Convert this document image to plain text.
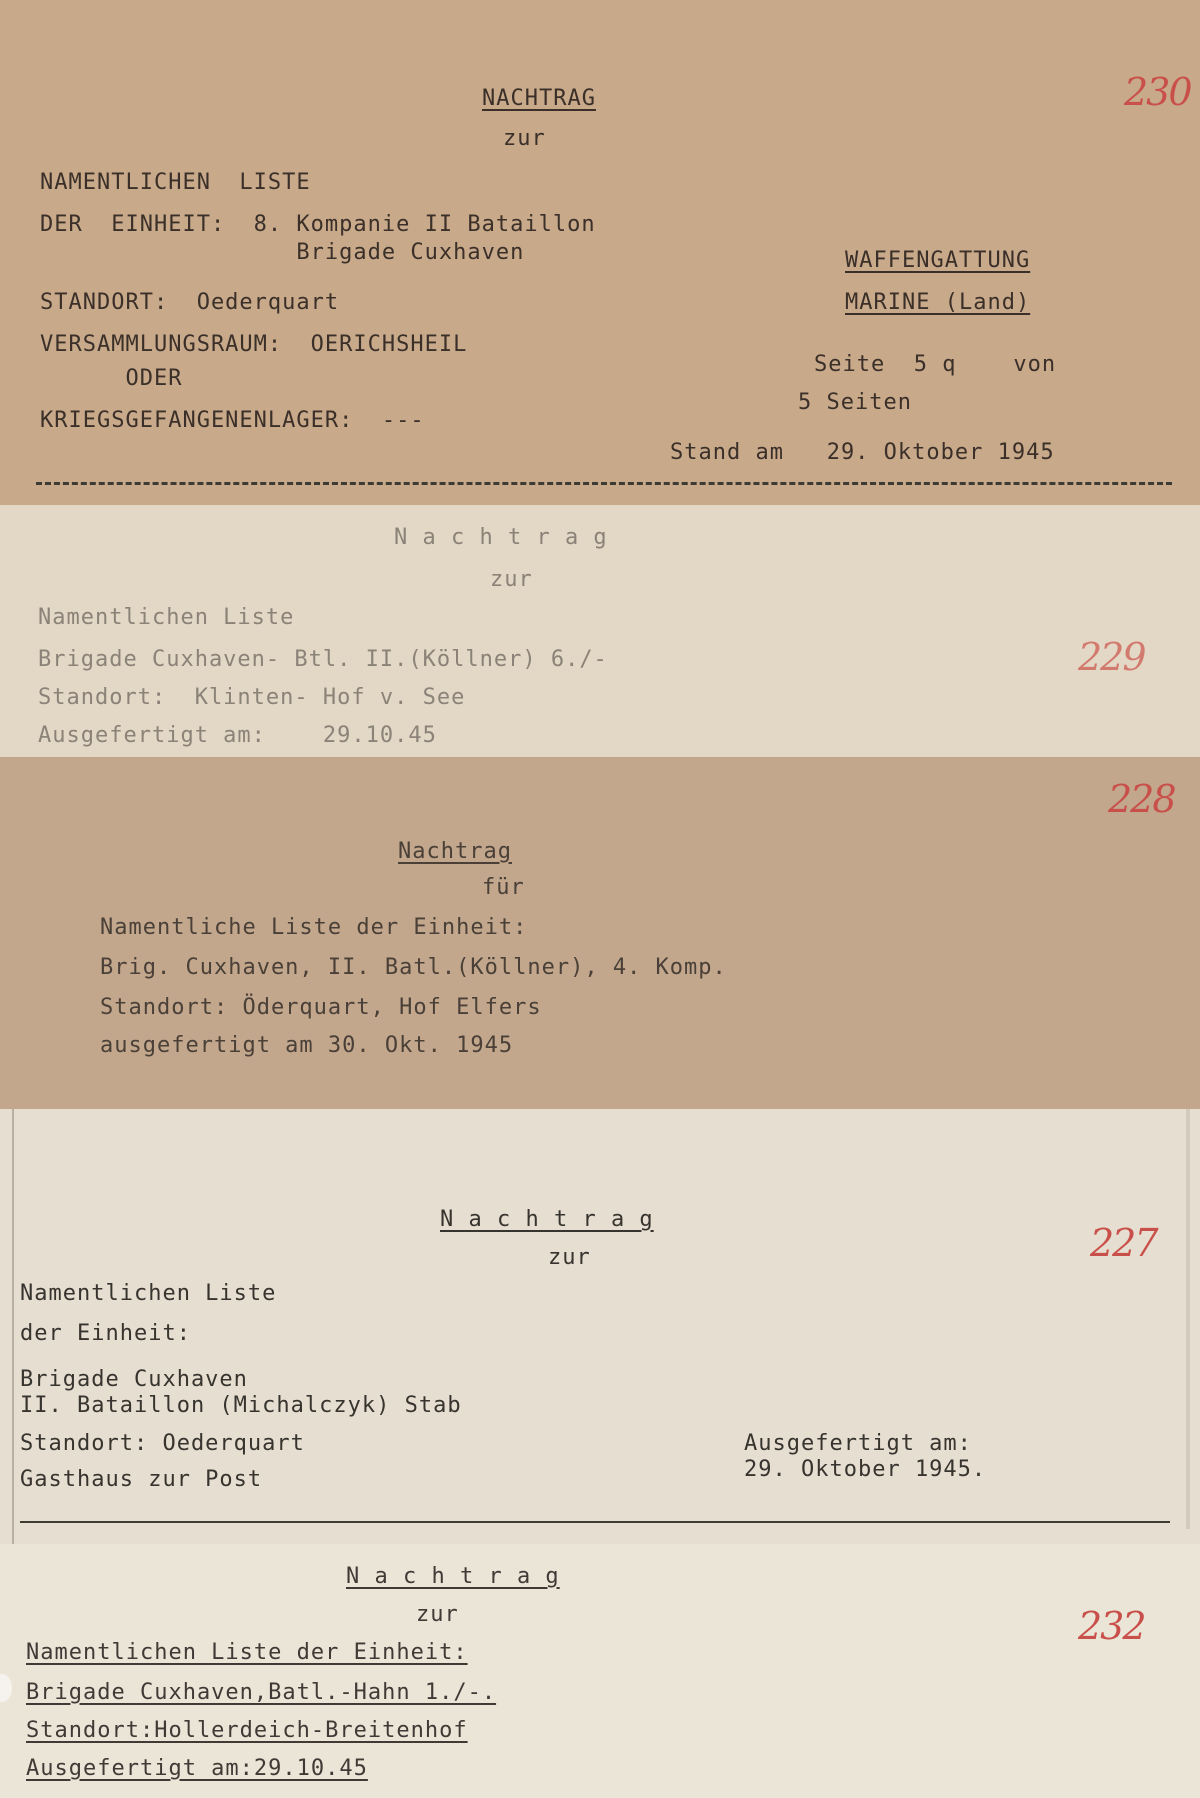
NACHTRAG
zur
230
NAMENTLICHEN  LISTE
DER  EINHEIT:  8. Kompanie II Bataillon
Brigade Cuxhaven
STANDORT:  Oederquart
VERSAMMLUNGSRAUM:  OERICHSHEIL
ODER
KRIEGSGEFANGENENLAGER:  ---
WAFFENGATTUNG
MARINE (Land)
Seite  5 q    von
5 Seiten
Stand am   29. Oktober 1945
N a c h t r a g
zur
229
Namentlichen Liste
Brigade Cuxhaven- Btl. II.(Köllner) 6./-
Standort:  Klinten- Hof v. See
Ausgefertigt am:    29.10.45
Nachtrag
für
228
Namentliche Liste der Einheit:
Brig. Cuxhaven, II. Batl.(Köllner), 4. Komp.
Standort: Öderquart, Hof Elfers
ausgefertigt am 30. Okt. 1945
N a c h t r a g
zur	227
Namentlichen Liste
der Einheit:
Brigade Cuxhaven
II. Bataillon (Michalczyk) Stab
Standort: Oederquart
Gasthaus zur Post
Ausgefertigt am:
29. Oktober 1945.
N a c h t r a g
zur	232
Namentlichen Liste der Einheit:
Brigade Cuxhaven,Batl.-Hahn 1./-.
Standort:Hollerdeich-Breitenhof
Ausgefertigt am:29.10.45
